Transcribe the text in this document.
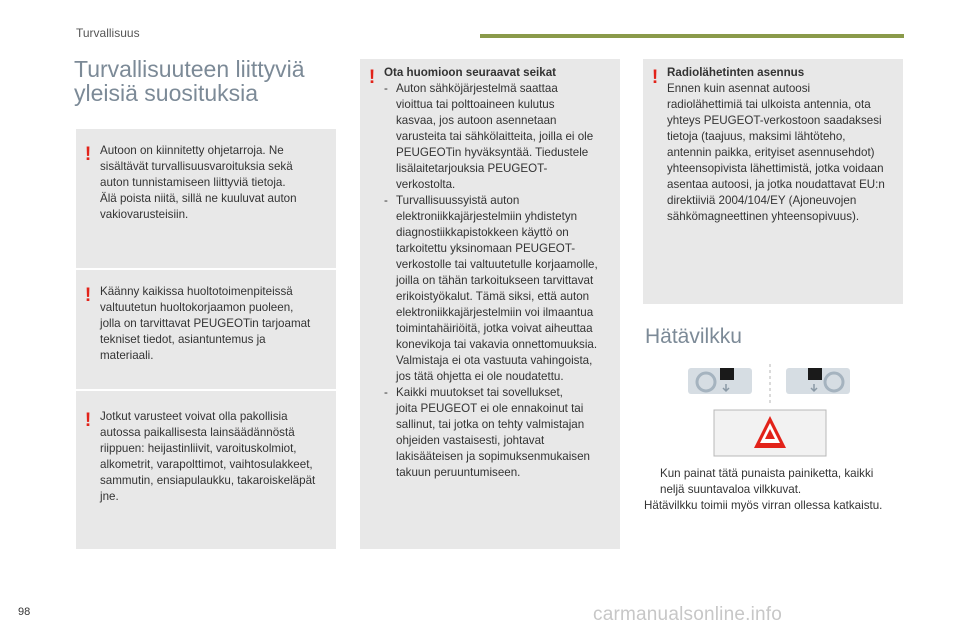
Turvallisuus
Turvallisuuteen liittyviä
yleisiä suosituksia
! Autoon on kiinnitetty ohjetarroja. Ne
sisältävät turvallisuusvaroituksia sekä
auton tunnistamiseen liittyviä tietoja.
Älä poista niitä, sillä ne kuuluvat auton
vakiovarusteisiin.
! Käänny kaikissa huoltotoimenpiteissä
valtuutetun huoltokorjaamon puoleen,
jolla on tarvittavat PEUGEOTin tarjoamat
tekniset tiedot, asiantuntemus ja
materiaali.
! Jotkut varusteet voivat olla pakollisia
autossa paikallisesta lainsäädännöstä
riippuen: heijastinliivit, varoituskolmiot,
alkometrit, varapolttimot, vaihtosulakkeet,
sammutin, ensiapulaukku, takaroiskeläpät
jne.
! Ota huomioon seuraavat seikat
- Auton sähköjärjestelmä saattaa
vioittua tai polttoaineen kulutus
kasvaa, jos autoon asennetaan
varusteita tai sähkölaitteita, joilla ei ole
PEUGEOTin hyväksyntää. Tiedustele
lisälaitetarjouksia PEUGEOT-
verkostolta.
- Turvallisuussyistä auton
elektroniikkajärjestelmiin yhdistetyn
diagnostiikkapistokkeen käyttö on
tarkoitettu yksinomaan PEUGEOT-
verkostolle tai valtuutetulle korjaamolle,
joilla on tähän tarkoitukseen tarvittavat
erikoistyökalut. Tämä siksi, että auton
elektroniikkajärjestelmiin voi ilmaantua
toimintahäiriöitä, jotka voivat aiheuttaa
konevikoja tai vakavia onnettomuuksia.
Valmistaja ei ota vastuuta vahingoista,
jos tätä ohjetta ei ole noudatettu.
- Kaikki muutokset tai sovellukset,
joita PEUGEOT ei ole ennakoinut tai
sallinut, tai jotka on tehty valmistajan
ohjeiden vastaisesti, johtavat
lakisääteisen ja sopimuksenmukaisen
takuun peruuntumiseen.
! Radiolähetinten asennus
Ennen kuin asennat autoosi
radiolähettimiä tai ulkoista antennia, ota
yhteys PEUGEOT-verkostoon saadaksesi
tietoja (taajuus, maksimi lähtöteho,
antennin paikka, erityiset asennusehdot)
yhteensopivista lähettimistä, jotka voidaan
asentaa autoosi, ja jotka noudattavat EU:n
direktiiviä 2004/104/EY (Ajoneuvojen
sähkömagneettinen yhteensopivuus).
Hätävilkku
Kun painat tätä punaista painiketta, kaikki
neljä suuntavaloa vilkkuvat.
Hätävilkku toimii myös virran ollessa katkaistu.
98	carmanualsonline.info
